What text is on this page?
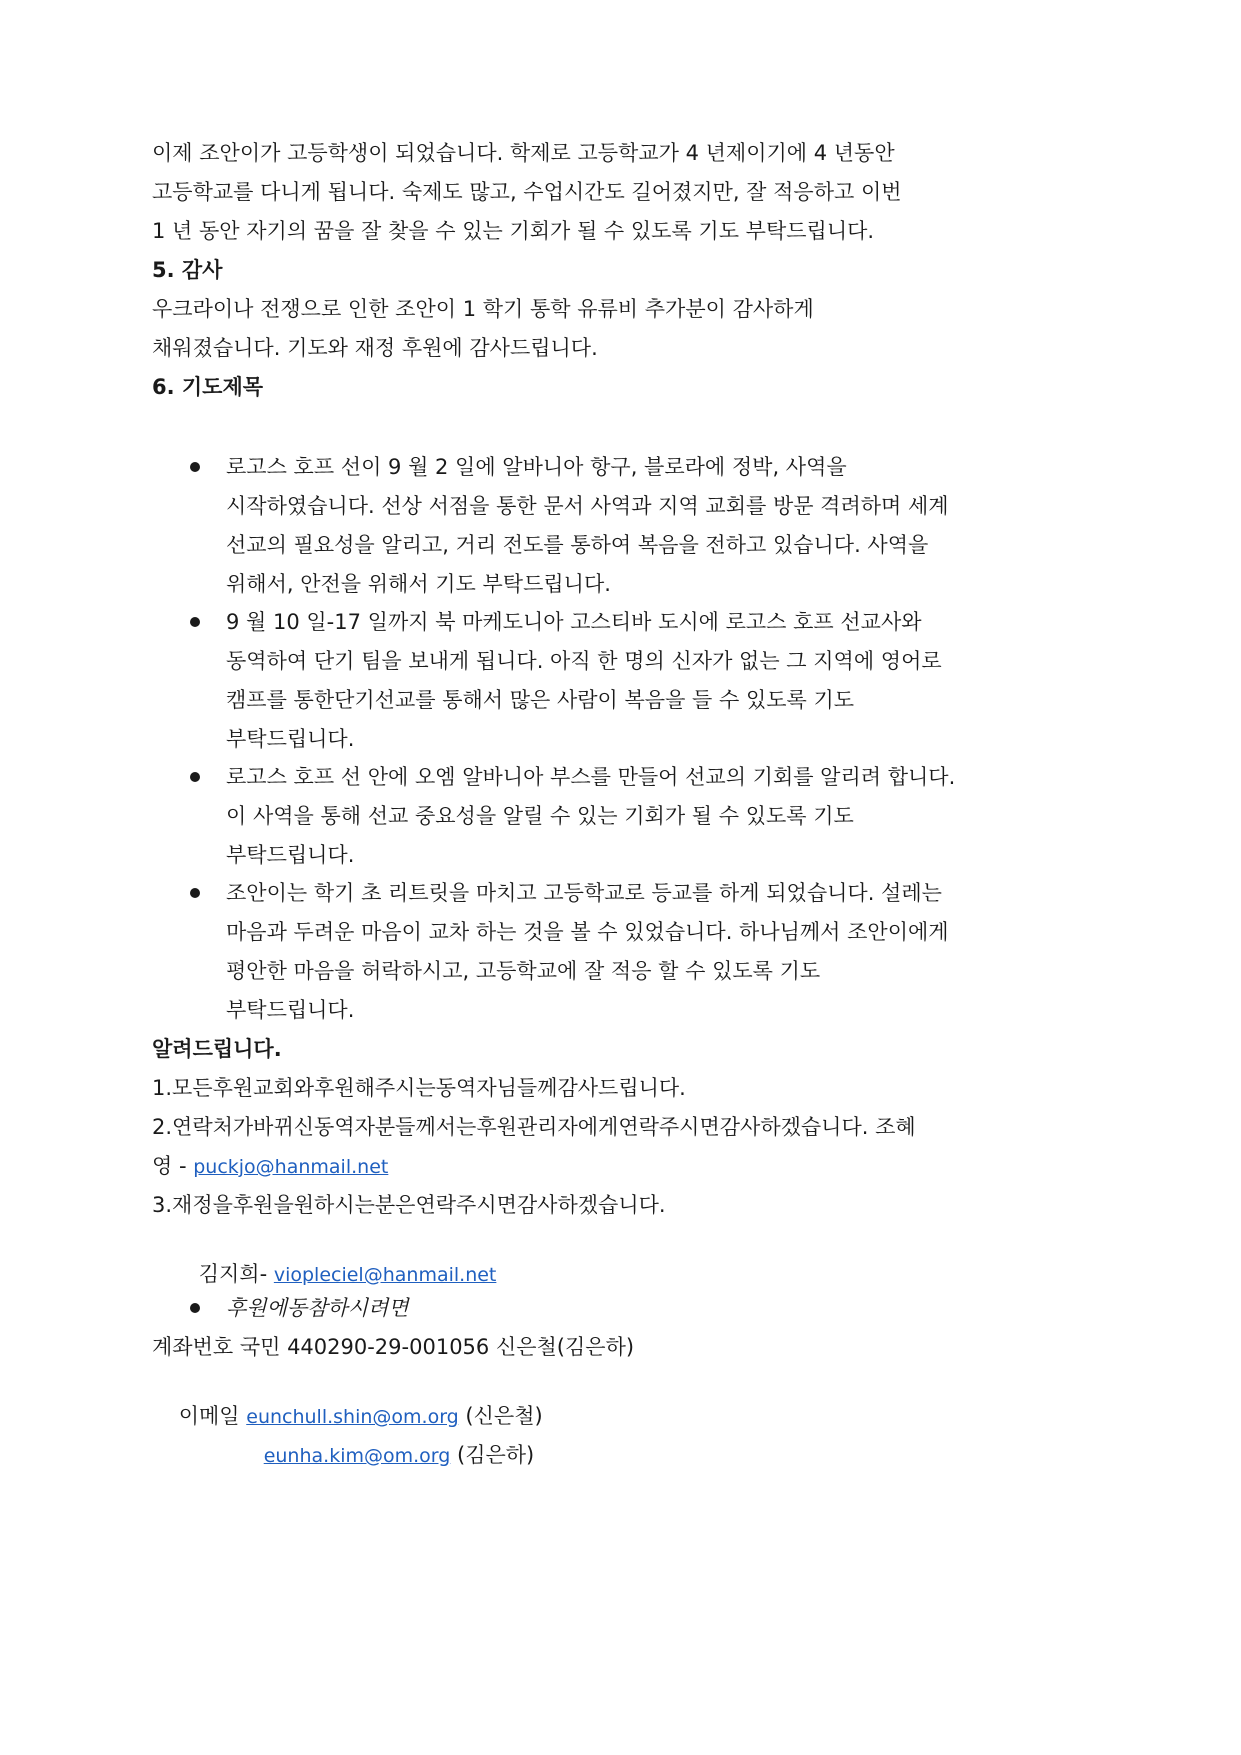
이제 조안이가 고등학생이 되었습니다. 학제로 고등학교가 4 년제이기에 4 년동안
고등학교를 다니게 됩니다. 숙제도 많고, 수업시간도 길어졌지만, 잘 적응하고 이번
1 년 동안 자기의 꿈을 잘 찾을 수 있는 기회가 될 수 있도록 기도 부탁드립니다.
5. 감사
우크라이나 전쟁으로 인한 조안이 1 학기 통학 유류비 추가분이 감사하게
채워졌습니다. 기도와 재정 후원에 감사드립니다.
6. 기도제목
로고스 호프 선이 9 월 2 일에 알바니아 항구, 블로라에 정박, 사역을
시작하였습니다. 선상 서점을 통한 문서 사역과 지역 교회를 방문 격려하며 세계
선교의 필요성을 알리고, 거리 전도를 통하여 복음을 전하고 있습니다. 사역을
위해서, 안전을 위해서 기도 부탁드립니다.
9 월 10 일-17 일까지 북 마케도니아 고스티바 도시에 로고스 호프 선교사와
동역하여 단기 팀을 보내게 됩니다. 아직 한 명의 신자가 없는 그 지역에 영어로
캠프를 통한단기선교를 통해서 많은 사람이 복음을 들 수 있도록 기도
부탁드립니다.
로고스 호프 선 안에 오엠 알바니아 부스를 만들어 선교의 기회를 알리려 합니다.
이 사역을 통해 선교 중요성을 알릴 수 있는 기회가 될 수 있도록 기도
부탁드립니다.
조안이는 학기 초 리트릿을 마치고 고등학교로 등교를 하게 되었습니다. 설레는
마음과 두려운 마음이 교차 하는 것을 볼 수 있었습니다. 하나님께서 조안이에게
평안한 마음을 허락하시고, 고등학교에 잘 적응 할 수 있도록 기도
부탁드립니다.
알려드립니다.
1.모든후원교회와후원해주시는동역자님들께감사드립니다.
2.연락처가바뀌신동역자분들께서는후원관리자에게연락주시면감사하겠습니다. 조혜
영 - puckjo@hanmail.net
3.재정을후원을원하시는분은연락주시면감사하겠습니다.

김지희- viopleciel@hanmail.net

후원에동참하시려면
계좌번호 국민 440290-29-001056 신은철(김은하)

이메일 eunchull.shin@om.org (신은철)

eunha.kim@om.org (김은하)
